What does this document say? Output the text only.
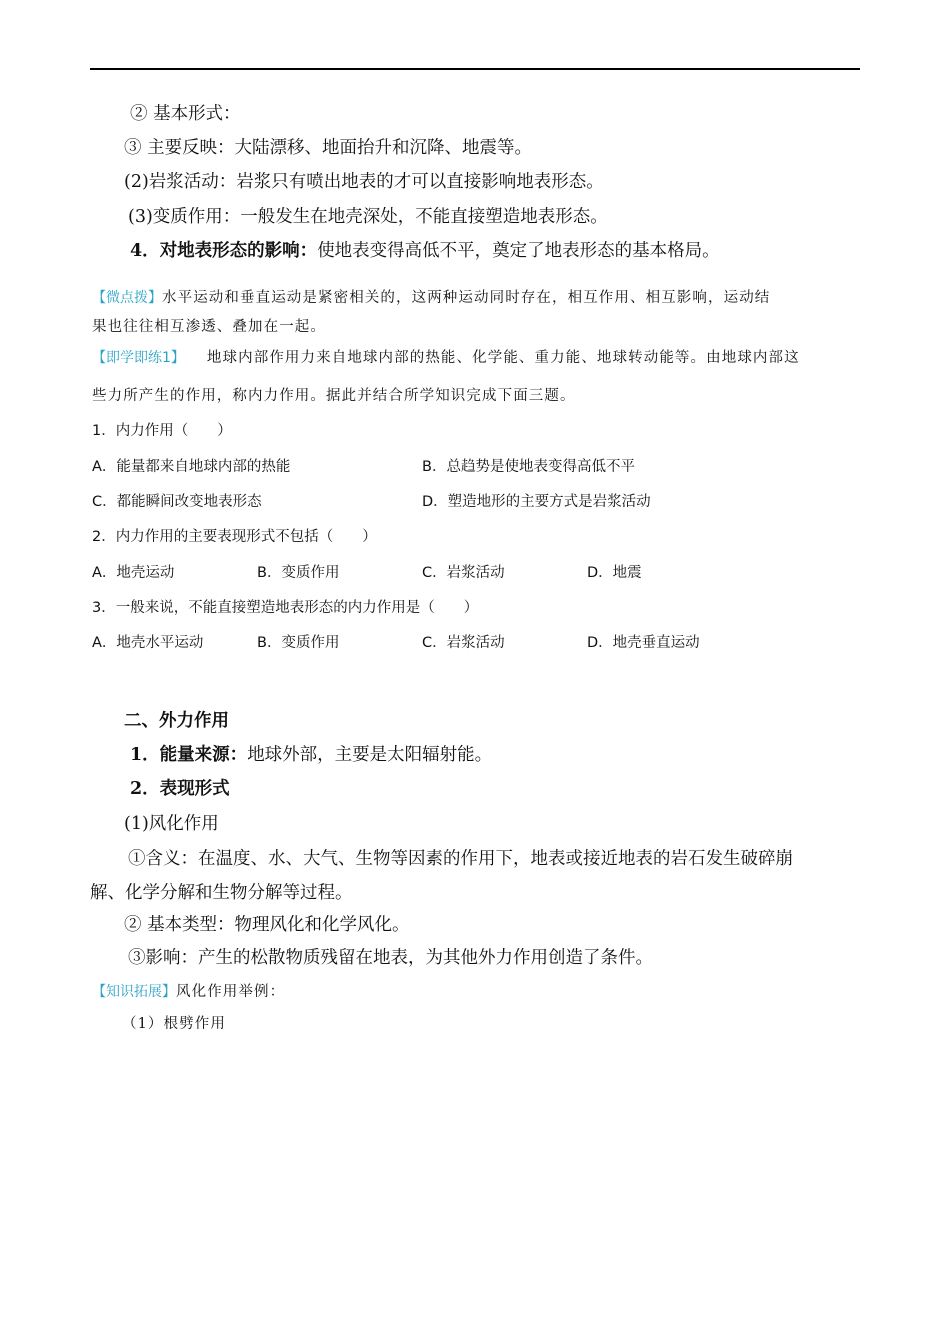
② 基本形式：
③ 主要反映：大陆漂移、地面抬升和沉降、地震等。
(2)岩浆活动：岩浆只有喷出地表的才可以直接影响地表形态。
(3)变质作用：一般发生在地壳深处，不能直接塑造地表形态。
4．对地表形态的影响：使地表变得高低不平，奠定了地表形态的基本格局。
【微点拨】水平运动和垂直运动是紧密相关的，这两种运动同时存在，相互作用、相互影响，运动结
果也往往相互渗透、叠加在一起。
【即学即练1】 地球内部作用力来自地球内部的热能、化学能、重力能、地球转动能等。由地球内部这
些力所产生的作用，称内力作用。据此并结合所学知识完成下面三题。
1．内力作用（　　）
A．能量都来自地球内部的热能	B．总趋势是使地表变得高低不平
C．都能瞬间改变地表形态	D．塑造地形的主要方式是岩浆活动
2．内力作用的主要表现形式不包括（　　）
A．地壳运动	B．变质作用	C．岩浆活动	D．地震
3．一般来说，不能直接塑造地表形态的内力作用是（　　）
A．地壳水平运动	B．变质作用	C．岩浆活动	D．地壳垂直运动
二、外力作用
1．能量来源：地球外部，主要是太阳辐射能。
2．表现形式
(1)风化作用
①含义：在温度、水、大气、生物等因素的作用下，地表或接近地表的岩石发生破碎崩
解、化学分解和生物分解等过程。
② 基本类型：物理风化和化学风化。
③影响：产生的松散物质残留在地表，为其他外力作用创造了条件。
【知识拓展】风化作用举例：
（1）根劈作用
